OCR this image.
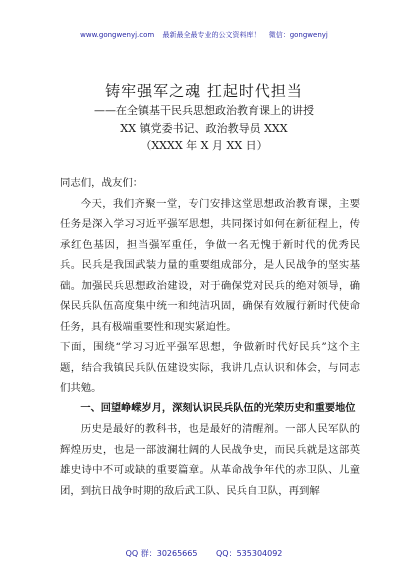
www.gongwenyj.com 最新最全最专业的公文资料库！ 微信：gongwenyj
铸牢强军之魂 扛起时代担当
——在全镇基干民兵思想政治教育课上的讲授
XX 镇党委书记、政治教导员 XXX
（XXXX 年 X 月 XX 日）

同志们，战友们：

今天，我们齐聚一堂，专门安排这堂思想政治教育课，主要任务是深入学习习近平强军思想，共同探讨如何在新征程上，传承红色基因，担当强军重任，争做一名无愧于新时代的优秀民兵。民兵是我国武装力量的重要组成部分，是人民战争的坚实基础。加强民兵思想政治建设，对于确保党对民兵的绝对领导，确保民兵队伍高度集中统一和纯洁巩固，确保有效履行新时代使命任务，具有极端重要性和现实紧迫性。

下面，围绕“学习习近平强军思想，争做新时代好民兵”这个主题，结合我镇民兵队伍建设实际，我讲几点认识和体会，与同志们共勉。

一、回望峥嵘岁月，深刻认识民兵队伍的光荣历史和重要地位

历史是最好的教科书，也是最好的清醒剂。一部人民军队的辉煌历史，也是一部波澜壮阔的人民战争史，而民兵就是这部英雄史诗中不可或缺的重要篇章。从革命战争年代的赤卫队、儿童团，到抗日战争时期的敌后武工队、民兵自卫队，再到解

QQ 群：30265665 QQ：535304092
